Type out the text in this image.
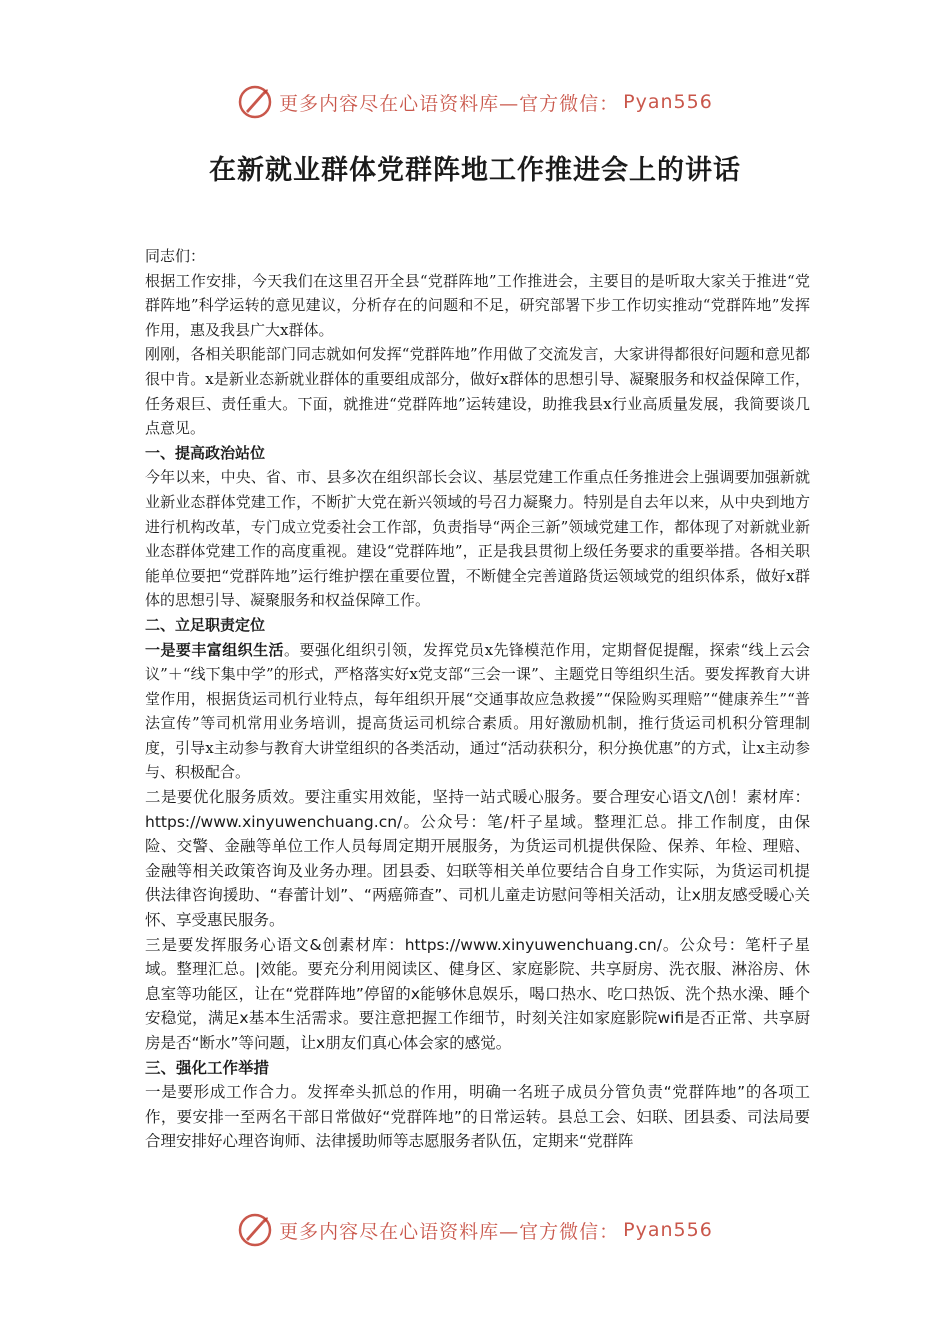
更多内容尽在心语资料库—官方微信： Pyan556
在新就业群体党群阵地工作推进会上的讲话

同志们：

根据工作安排，今天我们在这里召开全县“党群阵地”工作推进会，主要目的是听取大家关于推进“党群阵地”科学运转的意见建议，分析存在的问题和不足，研究部署下步工作切实推动“党群阵地”发挥作用，惠及我县广大x群体。

刚刚，各相关职能部门同志就如何发挥“党群阵地”作用做了交流发言，大家讲得都很好问题和意见都很中肯。x是新业态新就业群体的重要组成部分，做好x群体的思想引导、凝聚服务和权益保障工作，任务艰巨、责任重大。下面，就推进“党群阵地”运转建设，助推我县x行业高质量发展，我简要谈几点意见。

一、提高政治站位

今年以来，中央、省、市、县多次在组织部长会议、基层党建工作重点任务推进会上强调要加强新就业新业态群体党建工作，不断扩大党在新兴领域的号召力凝聚力。特别是自去年以来，从中央到地方进行机构改革，专门成立党委社会工作部，负责指导“两企三新”领域党建工作，都体现了对新就业新业态群体党建工作的高度重视。建设“党群阵地”，正是我县贯彻上级任务要求的重要举措。各相关职能单位要把“党群阵地”运行维护摆在重要位置，不断健全完善道路货运领域党的组织体系，做好x群体的思想引导、凝聚服务和权益保障工作。

二、立足职责定位

一是要丰富组织生活。要强化组织引领，发挥党员x先锋模范作用，定期督促提醒，探索“线上云会议”＋“线下集中学”的形式，严格落实好x党支部“三会一课”、主题党日等组织生活。要发挥教育大讲堂作用，根据货运司机行业特点，每年组织开展“交通事故应急救援”“保险购买理赔”“健康养生”“普法宣传”等司机常用业务培训，提高货运司机综合素质。用好激励机制，推行货运司机积分管理制度，引导x主动参与教育大讲堂组织的各类活动，通过“活动获积分，积分换优惠”的方式，让x主动参与、积极配合。

二是要优化服务质效。要注重实用效能，坚持一站式暖心服务。要合理安心语文/\创！素材库：https://www.xinyuwenchuang.cn/。公众号：笔/杆子星域。整理汇总。排工作制度，由保险、交警、金融等单位工作人员每周定期开展服务，为货运司机提供保险、保养、年检、理赔、金融等相关政策咨询及业务办理。团县委、妇联等相关单位要结合自身工作实际，为货运司机提供法律咨询援助、“春蕾计划”、“两癌筛查”、司机儿童走访慰问等相关活动，让x朋友感受暖心关怀、享受惠民服务。

三是要发挥服务心语文&创素材库：https://www.xinyuwenchuang.cn/。公众号：笔杆子星域。整理汇总。|效能。要充分利用阅读区、健身区、家庭影院、共享厨房、洗衣服、淋浴房、休息室等功能区，让在“党群阵地”停留的x能够休息娱乐，喝口热水、吃口热饭、洗个热水澡、睡个安稳觉，满足x基本生活需求。要注意把握工作细节，时刻关注如家庭影院wifi是否正常、共享厨房是否“断水”等问题，让x朋友们真心体会家的感觉。

三、强化工作举措

一是要形成工作合力。发挥牵头抓总的作用，明确一名班子成员分管负责“党群阵地”的各项工作，要安排一至两名干部日常做好“党群阵地”的日常运转。县总工会、妇联、团县委、司法局要合理安排好心理咨询师、法律援助师等志愿服务者队伍，定期来“党群阵

更多内容尽在心语资料库—官方微信： Pyan556
